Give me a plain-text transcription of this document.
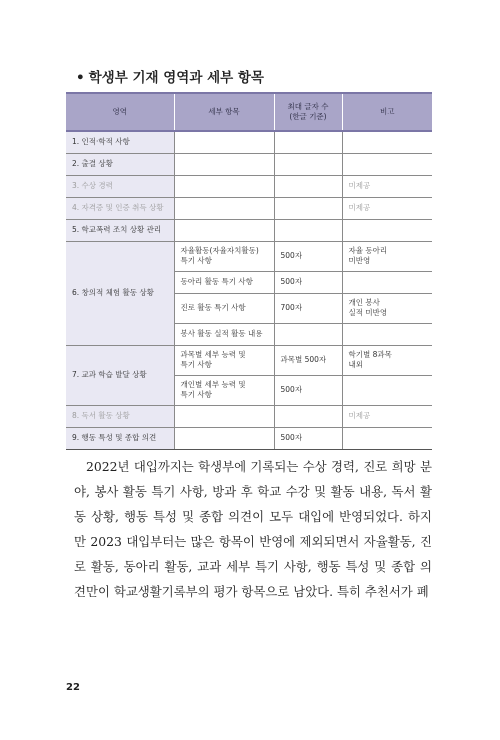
• 학생부 기재 영역과 세부 항목
영역	세부 항목	최대 글자 수
(한글 기준)	비고
1. 인적·학적 사항			
2. 출결 상황			
3. 수상 경력			미제공
4. 자격증 및 인증 취득 상황			미제공
5. 학교폭력 조치 상황 관리			
6. 창의적 체험 활동 상황	자율활동(자율자치활동)
특기 사항	500자	자율 동아리
미반영
	동아리 활동 특기 사항	500자	
	진로 활동 특기 사항	700자	개인 봉사
실적 미반영
	봉사 활동 실적 활동 내용		
7. 교과 학습 발달 상황	과목별 세부 능력 및
특기 사항	과목별 500자	학기별 8과목
내외
	개인별 세부 능력 및
특기 사항	500자	
8. 독서 활동 상황			미제공
9. 행동 특성 및 종합 의견		500자	

2022년 대입까지는 학생부에 기록되는 수상 경력, 진로 희망 분야, 봉사 활동 특기 사항, 방과 후 학교 수강 및 활동 내용, 독서 활동 상황, 행동 특성 및 종합 의견이 모두 대입에 반영되었다. 하지만 2023 대입부터는 많은 항목이 반영에 제외되면서 자율활동, 진로 활동, 동아리 활동, 교과 세부 특기 사항, 행동 특성 및 종합 의견만이 학교생활기록부의 평가 항목으로 남았다. 특히 추천서가 폐

22
